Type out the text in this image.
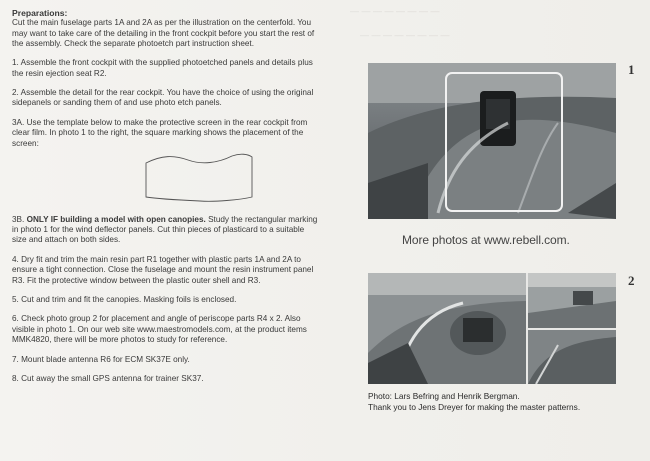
— — — — — — — —
— — — — — — — —

Preparations:

Cut the main fuselage parts 1A and 2A as per the illustration on the centerfold. You may want to take care of the detailing in the front cockpit before you start the rest of the assembly. Check the separate photoetch part instruction sheet.

1. Assemble the front cockpit with the supplied photoetched panels and details plus the resin ejection seat R2.

2. Assemble the detail for the rear cockpit. You have the choice of using the original sidepanels or sanding them of and use photo etch panels.

3A. Use the template below to make the protective screen in the rear cockpit from clear film. In photo 1 to the right, the square marking shows the placement of the screen:

3B. ONLY IF building a model with open canopies. Study the rectangular marking in photo 1 for the wind deflector panels. Cut thin pieces of plasticard to a suitable size and attach on both sides.

4. Dry fit and trim the main resin part R1 together with plastic parts 1A and 2A to ensure a tight connection. Close the fuselage and mount the resin instrument panel R3. Fit the protective window between the plastic outer shell and R3.

5. Cut and trim and fit the canopies. Masking foils is enclosed.

6. Check photo group 2 for placement and angle of periscope parts R4 x 2. Also visible in photo 1. On our web site www.maestromodels.com, at the product items MMK4820, there will be more photos to study for reference.

7. Mount blade antenna R6 for ECM SK37E only.

8. Cut away the small GPS antenna for trainer SK37.

1
More photos at www.rebell.com.
2
Photo: Lars Befring and Henrik Bergman.
Thank you to Jens Dreyer for making the master patterns.
